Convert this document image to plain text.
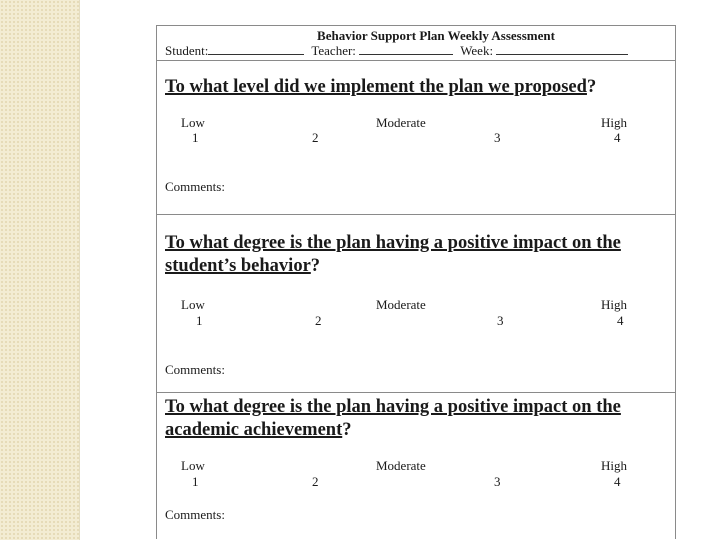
Behavior Support Plan Weekly Assessment
Student:	Teacher:	Week:

To what level did we implement the plan we proposed?

Low	Moderate	High
1	2	3	4
Comments:

To what degree is the plan having a positive impact on the student’s behavior?

Low	Moderate	High
1	2	3	4
Comments:

To what degree is the plan having a positive impact on the academic achievement?

Low	Moderate	High
1	2	3	4
Comments:
